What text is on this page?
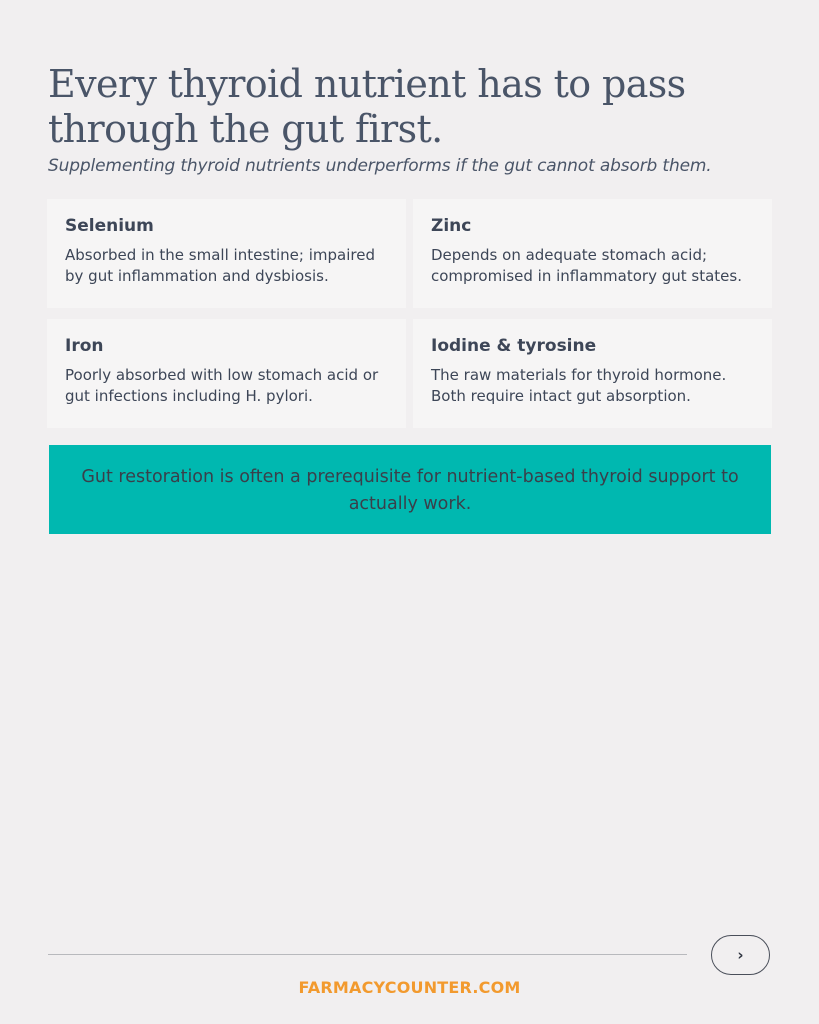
Every thyroid nutrient has to pass through the gut first.

Supplementing thyroid nutrients underperforms if the gut cannot absorb them.

Selenium

Absorbed in the small intestine; impaired by gut inflammation and dysbiosis.

Zinc

Depends on adequate stomach acid; compromised in inflammatory gut states.

Iron

Poorly absorbed with low stomach acid or gut infections including H. pylori.

Iodine & tyrosine

The raw materials for thyroid hormone. Both require intact gut absorption.

Gut restoration is often a prerequisite for nutrient-based thyroid support to actually work.
›
FARMACYCOUNTER.COM
